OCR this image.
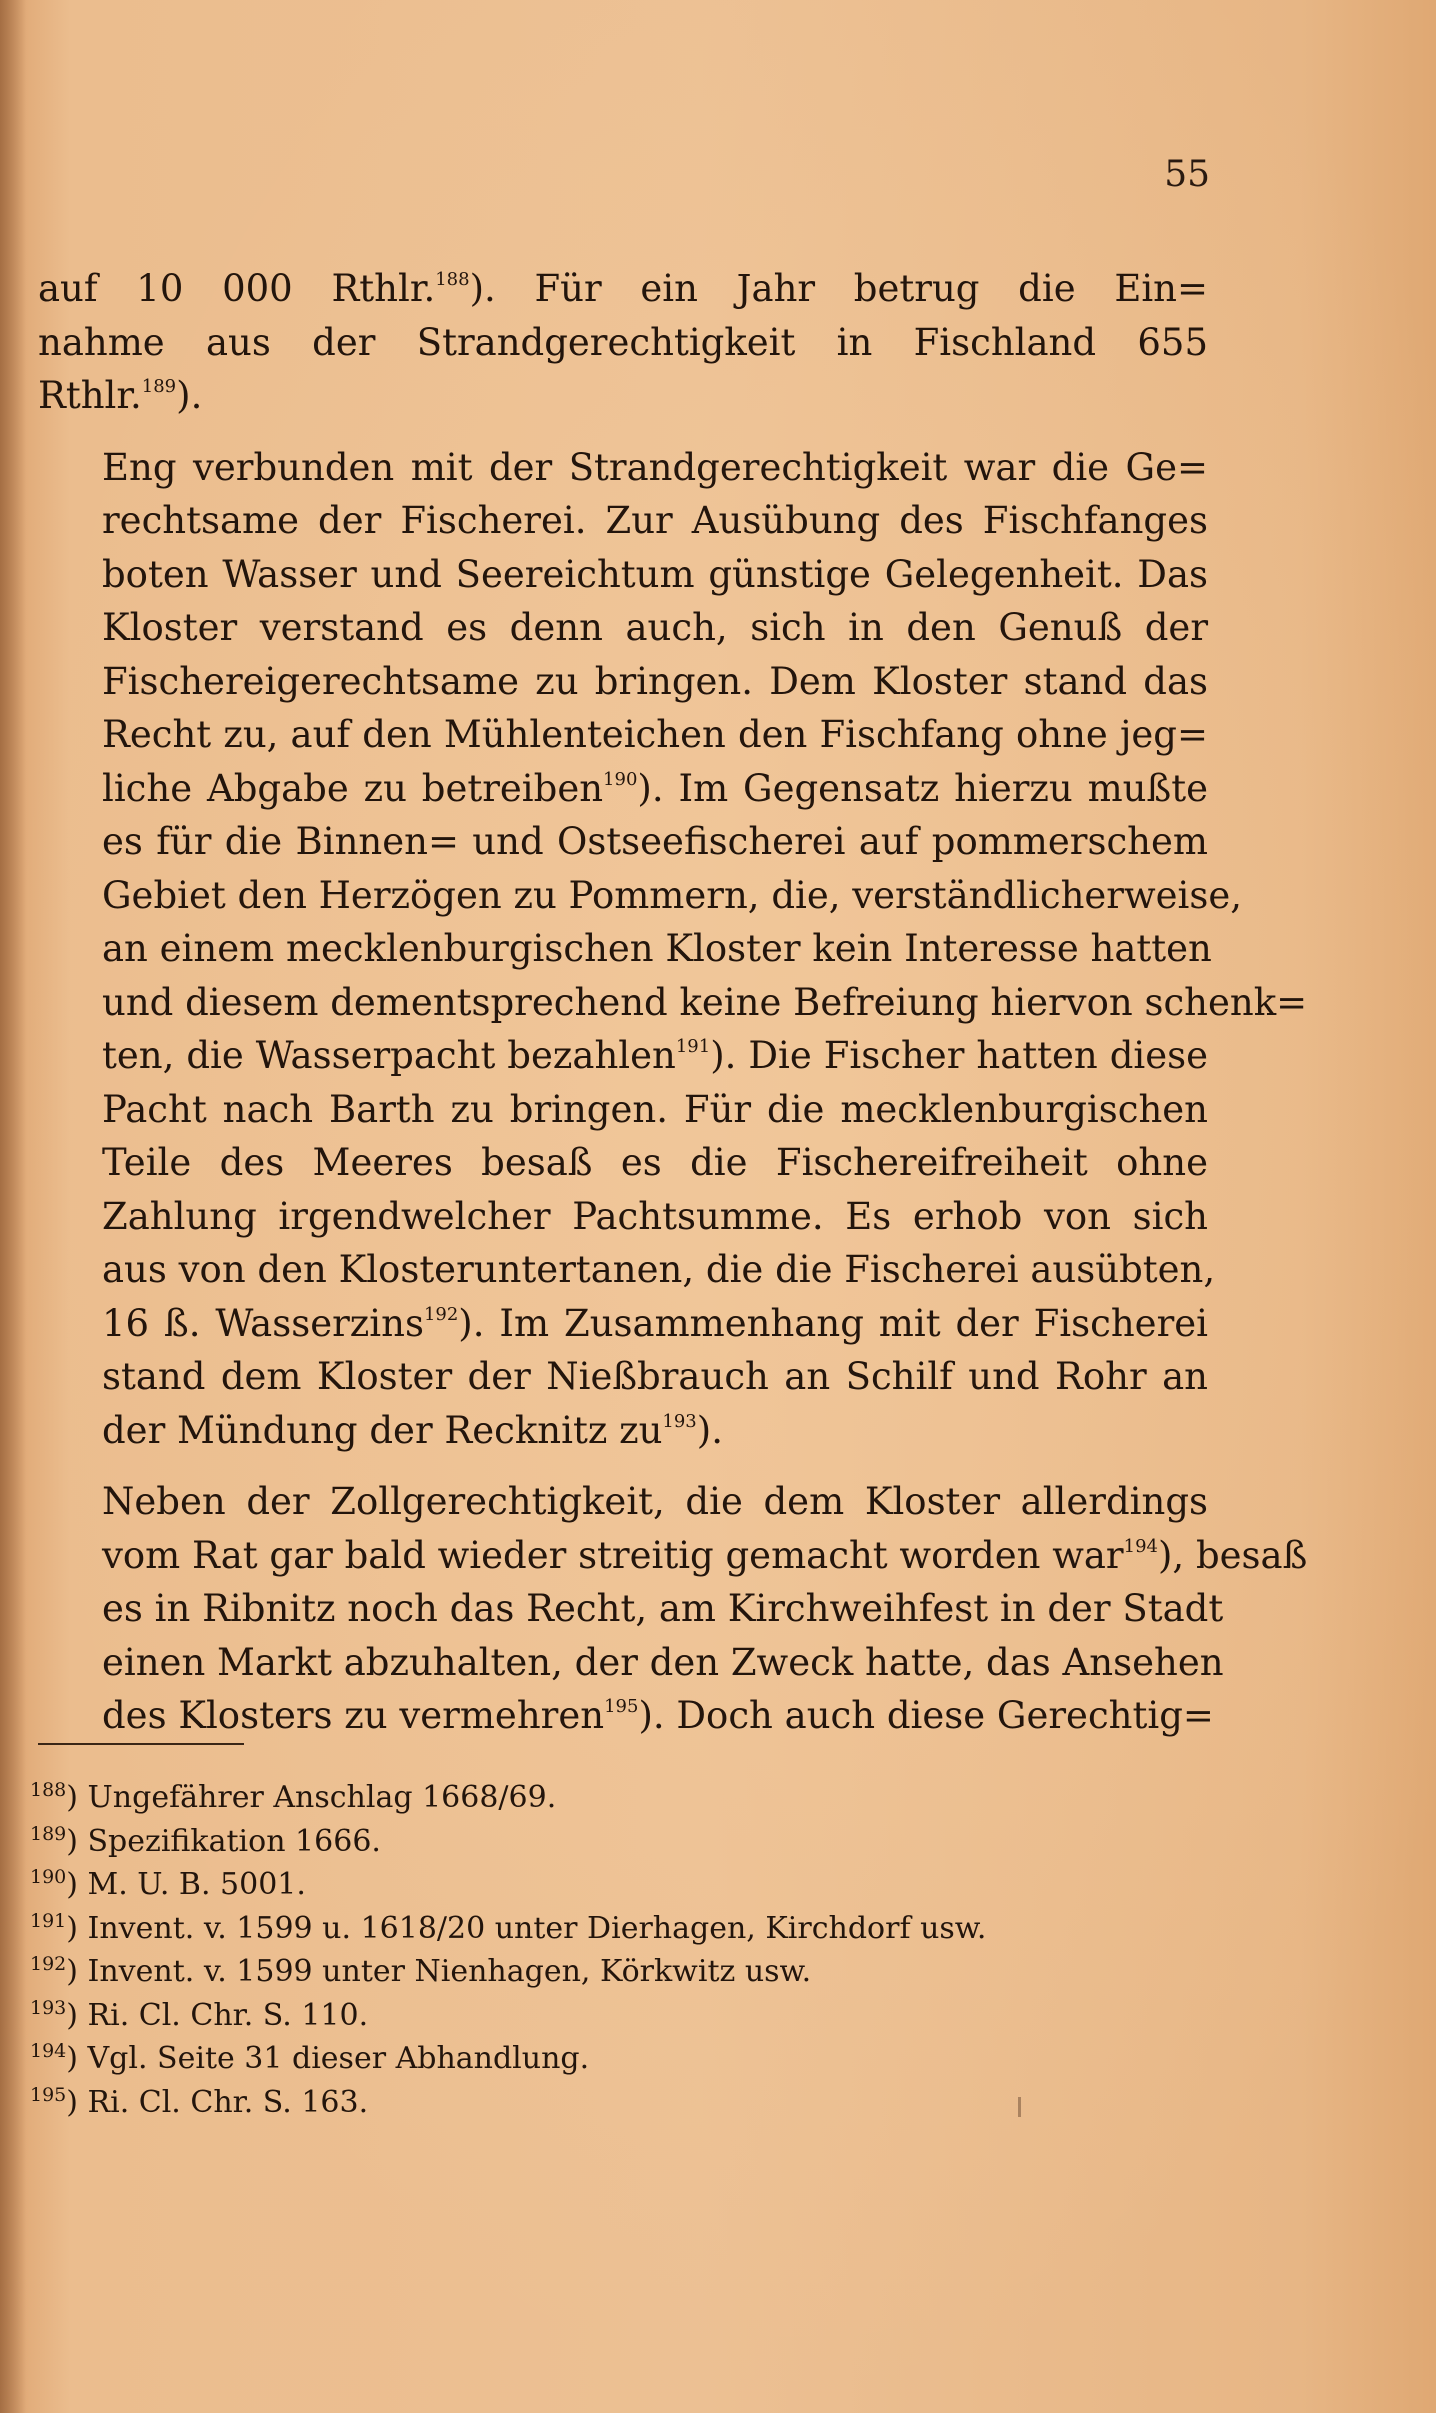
55

auf 10 000 Rthlr.$^{188}$). Für ein Jahr betrug die Ein=
nahme aus der Strandgerechtigkeit in Fischland 655
Rthlr.$^{189}$).

Eng verbunden mit der Strandgerechtigkeit war die Ge=
rechtsame der Fischerei. Zur Ausübung des Fischfanges
boten Wasser und Seereichtum günstige Gelegenheit. Das
Kloster verstand es denn auch, sich in den Genuß der
Fischereigerechtsame zu bringen. Dem Kloster stand das
Recht zu, auf den Mühlenteichen den Fischfang ohne jeg=
liche Abgabe zu betreiben$^{190}$). Im Gegensatz hierzu mußte
es für die Binnen= und Ostseefischerei auf pommerschem
Gebiet den Herzögen zu Pommern, die, verständlicherweise,
an einem mecklenburgischen Kloster kein Interesse hatten
und diesem dementsprechend keine Befreiung hiervon schenk=
ten, die Wasserpacht bezahlen$^{191}$). Die Fischer hatten diese
Pacht nach Barth zu bringen. Für die mecklenburgischen
Teile des Meeres besaß es die Fischereifreiheit ohne
Zahlung irgendwelcher Pachtsumme. Es erhob von sich
aus von den Klosteruntertanen, die die Fischerei ausübten,
16 ß. Wasserzins$^{192}$). Im Zusammenhang mit der Fischerei
stand dem Kloster der Nießbrauch an Schilf und Rohr an
der Mündung der Recknitz zu$^{193}$).

Neben der Zollgerechtigkeit, die dem Kloster allerdings
vom Rat gar bald wieder streitig gemacht worden war$^{194}$), besaß
es in Ribnitz noch das Recht, am Kirchweihfest in der Stadt
einen Markt abzuhalten, der den Zweck hatte, das Ansehen
des Klosters zu vermehren$^{195}$). Doch auch diese Gerechtig=

$^{188}$) Ungefährer Anschlag 1668/69.
$^{189}$) Spezifikation 1666.
$^{190}$) M. U. B. 5001.
$^{191}$) Invent. v. 1599 u. 1618/20 unter Dierhagen, Kirchdorf usw.
$^{192}$) Invent. v. 1599 unter Nienhagen, Körkwitz usw.
$^{193}$) Ri. Cl. Chr. S. 110.
$^{194}$) Vgl. Seite 31 dieser Abhandlung.
$^{195}$) Ri. Cl. Chr. S. 163.
